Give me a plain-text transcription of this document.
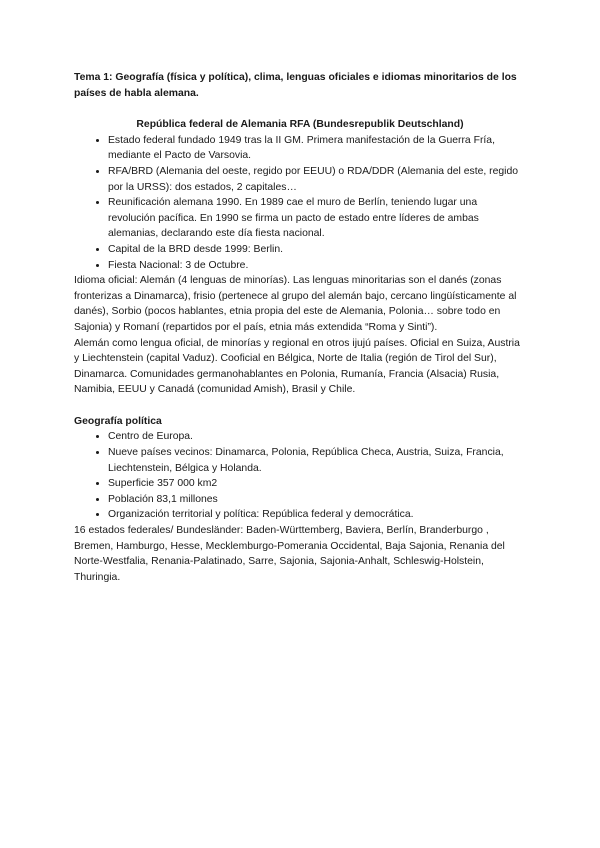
Tema 1: Geografía (física y política), clima, lenguas oficiales e idiomas minoritarios de los países de habla alemana.

República federal de Alemania RFA (Bundesrepublik Deutschland)

• Estado federal fundado 1949 tras la II GM. Primera manifestación de la Guerra Fría, mediante el Pacto de Varsovia.
• RFA/BRD (Alemania del oeste, regido por EEUU) o RDA/DDR (Alemania del este, regido por la URSS): dos estados, 2 capitales…
• Reunificación alemana 1990. En 1989 cae el muro de Berlín, teniendo lugar una revolución pacífica. En 1990 se firma un pacto de estado entre líderes de ambas alemanias, declarando este día fiesta nacional.
• Capital de la BRD desde 1999: Berlin.
• Fiesta Nacional: 3 de Octubre.

Idioma oficial: Alemán (4 lenguas de minorías). Las lenguas minoritarias son el danés (zonas fronterizas a Dinamarca), frisio (pertenece al grupo del alemán bajo, cercano lingüísticamente al danés), Sorbio (pocos hablantes, etnia propia del este de Alemania, Polonia… sobre todo en Sajonia) y Romaní (repartidos por el país, etnia más extendida “Roma y Sinti”).

Alemán como lengua oficial, de minorías y regional en otros ijujú países. Oficial en Suiza, Austria y Liechtenstein (capital Vaduz). Cooficial en Bélgica, Norte de Italia (región de Tirol del Sur), Dinamarca. Comunidades germanohablantes en Polonia, Rumanía, Francia (Alsacia) Rusia, Namibia, EEUU y Canadá (comunidad Amish), Brasil y Chile.

Geografía política

• Centro de Europa.
• Nueve países vecinos: Dinamarca, Polonia, República Checa, Austria, Suiza, Francia, Liechtenstein, Bélgica y Holanda.
• Superficie 357 000 km2
• Población 83,1 millones
• Organización territorial y política: República federal y democrática.

16 estados federales/ Bundesländer: Baden-Württemberg, Baviera, Berlín, Branderburgo , Bremen, Hamburgo, Hesse, Mecklemburgo-Pomerania Occidental, Baja Sajonia, Renania del Norte-Westfalia, Renania-Palatinado, Sarre, Sajonia, Sajonia-Anhalt, Schleswig-Holstein, Thuringia.
